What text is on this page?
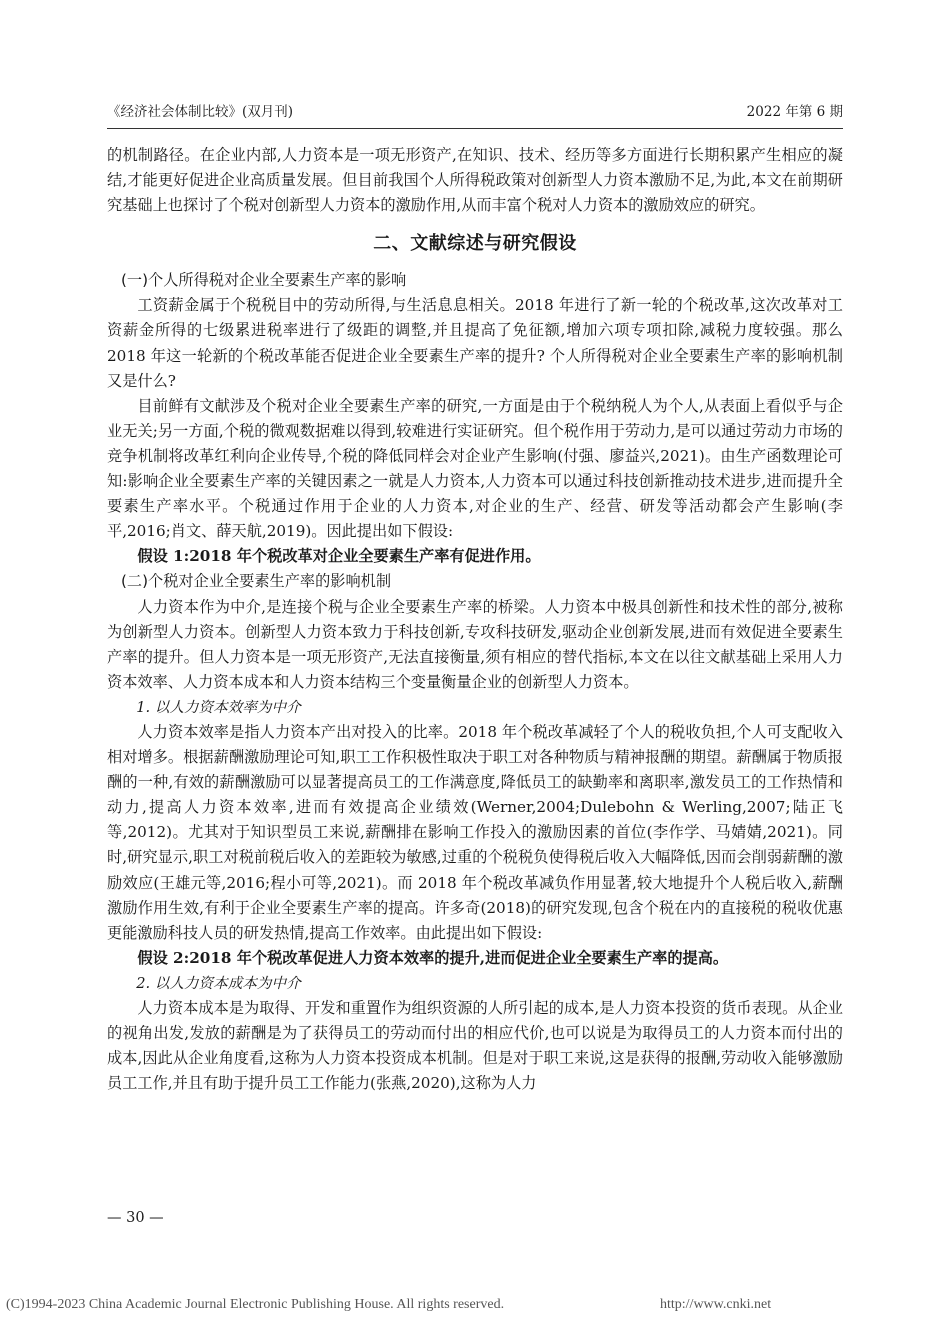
《经济社会体制比较》(双月刊)	2022 年第 6 期

的机制路径。在企业内部,人力资本是一项无形资产,在知识、技术、经历等多方面进行长期积累产生相应的凝结,才能更好促进企业高质量发展。但目前我国个人所得税政策对创新型人力资本激励不足,为此,本文在前期研究基础上也探讨了个税对创新型人力资本的激励作用,从而丰富个税对人力资本的激励效应的研究。

二、文献综述与研究假设
(一)个人所得税对企业全要素生产率的影响

工资薪金属于个税税目中的劳动所得,与生活息息相关。2018 年进行了新一轮的个税改革,这次改革对工资薪金所得的七级累进税率进行了级距的调整,并且提高了免征额,增加六项专项扣除,减税力度较强。那么 2018 年这一轮新的个税改革能否促进企业全要素生产率的提升? 个人所得税对企业全要素生产率的影响机制又是什么?

目前鲜有文献涉及个税对企业全要素生产率的研究,一方面是由于个税纳税人为个人,从表面上看似乎与企业无关;另一方面,个税的微观数据难以得到,较难进行实证研究。但个税作用于劳动力,是可以通过劳动力市场的竞争机制将改革红利向企业传导,个税的降低同样会对企业产生影响(付强、廖益兴,2021)。由生产函数理论可知:影响企业全要素生产率的关键因素之一就是人力资本,人力资本可以通过科技创新推动技术进步,进而提升全要素生产率水平。个税通过作用于企业的人力资本,对企业的生产、经营、研发等活动都会产生影响(李平,2016;肖文、薛天航,2019)。因此提出如下假设:

假设 1:2018 年个税改革对企业全要素生产率有促进作用。

(二)个税对企业全要素生产率的影响机制

人力资本作为中介,是连接个税与企业全要素生产率的桥梁。人力资本中极具创新性和技术性的部分,被称为创新型人力资本。创新型人力资本致力于科技创新,专攻科技研发,驱动企业创新发展,进而有效促进全要素生产率的提升。但人力资本是一项无形资产,无法直接衡量,须有相应的替代指标,本文在以往文献基础上采用人力资本效率、人力资本成本和人力资本结构三个变量衡量企业的创新型人力资本。

1. 以人力资本效率为中介

人力资本效率是指人力资本产出对投入的比率。2018 年个税改革减轻了个人的税收负担,个人可支配收入相对增多。根据薪酬激励理论可知,职工工作积极性取决于职工对各种物质与精神报酬的期望。薪酬属于物质报酬的一种,有效的薪酬激励可以显著提高员工的工作满意度,降低员工的缺勤率和离职率,激发员工的工作热情和动力,提高人力资本效率,进而有效提高企业绩效(Werner,2004;Dulebohn & Werling,2007;陆正飞等,2012)。尤其对于知识型员工来说,薪酬排在影响工作投入的激励因素的首位(李作学、马婧婧,2021)。同时,研究显示,职工对税前税后收入的差距较为敏感,过重的个税税负使得税后收入大幅降低,因而会削弱薪酬的激励效应(王雄元等,2016;程小可等,2021)。而 2018 年个税改革减负作用显著,较大地提升个人税后收入,薪酬激励作用生效,有利于企业全要素生产率的提高。许多奇(2018)的研究发现,包含个税在内的直接税的税收优惠更能激励科技人员的研发热情,提高工作效率。由此提出如下假设:

假设 2:2018 年个税改革促进人力资本效率的提升,进而促进企业全要素生产率的提高。

2. 以人力资本成本为中介

人力资本成本是为取得、开发和重置作为组织资源的人所引起的成本,是人力资本投资的货币表现。从企业的视角出发,发放的薪酬是为了获得员工的劳动而付出的相应代价,也可以说是为取得员工的人力资本而付出的成本,因此从企业角度看,这称为人力资本投资成本机制。但是对于职工来说,这是获得的报酬,劳动收入能够激励员工工作,并且有助于提升员工工作能力(张燕,2020),这称为人力

— 30 —
(C)1994-2023 China Academic Journal Electronic Publishing House. All rights reserved.	http://www.cnki.net
